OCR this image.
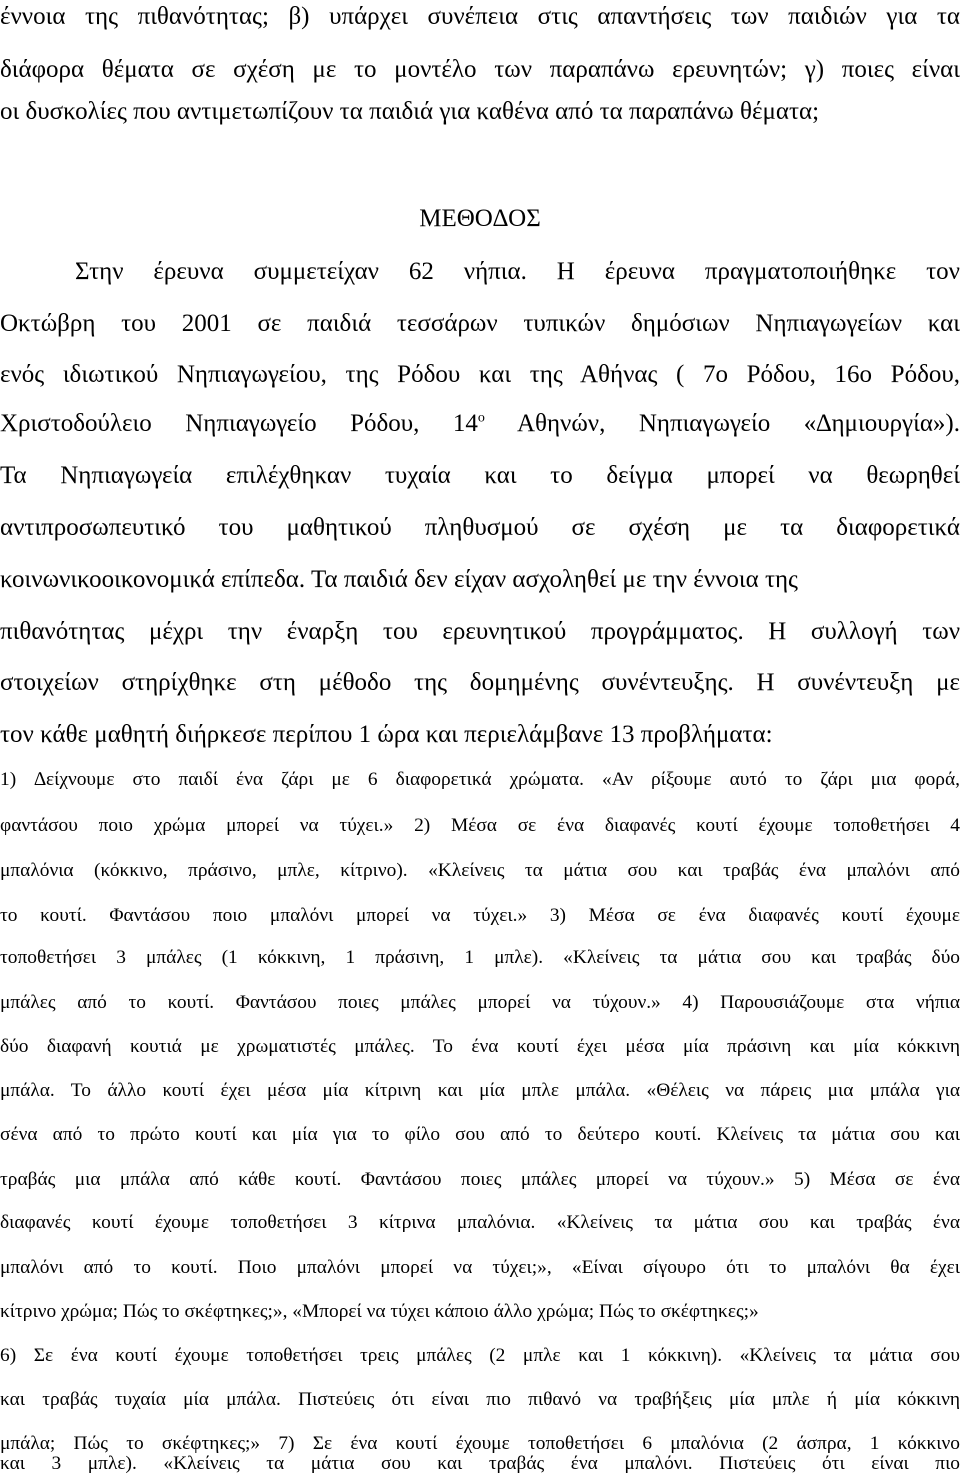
έννοια της πιθανότητας; β) υπάρχει συνέπεια στις απαντήσεις των παιδιών για τα

διάφορα θέματα σε σχέση με το μοντέλο των παραπάνω ερευνητών; γ) ποιες είναι

οι δυσκολίες που αντιμετωπίζουν τα παιδιά για καθένα από τα παραπάνω θέματα;

ΜΕΘΟ∆ΟΣ

Στην έρευνα συμμετείχαν 62 νήπια. Η έρευνα πραγματοποιήθηκε τον

Οκτώβρη του 2001 σε παιδιά τεσσάρων τυπικών δημόσιων Νηπιαγωγείων και

ενός ιδιωτικού Νηπιαγωγείου, της Ρόδου και της Αθήνας ( 7ο Ρόδου, 16ο Ρόδου,

Χριστοδούλειο Νηπιαγωγείο Ρόδου, $14^o$ Αθηνών, Νηπιαγωγείο «∆ημιουργία»).

Τα Νηπιαγωγεία επιλέχθηκαν τυχαία και το δείγμα μπορεί να θεωρηθεί

αντιπροσωπευτικό του μαθητικού πληθυσμού σε σχέση με τα διαφορετικά

κοινωνικοοικονομικά επίπεδα. Τα παιδιά δεν είχαν ασχοληθεί με την έννοια της

πιθανότητας μέχρι την έναρξη του ερευνητικού προγράμματος. Η συλλογή των

στοιχείων στηρίχθηκε στη μέθοδο της δομημένης συνέντευξης. Η συνέντευξη με

τον κάθε μαθητή διήρκεσε περίπου 1 ώρα και περιελάμβανε 13 προβλήματα:

1) ∆είχνουμε στο παιδί ένα ζάρι με 6 διαφορετικά χρώματα. «Αν ρίξουμε αυτό το ζάρι μια φορά,

φαντάσου ποιο χρώμα μπορεί να τύχει.» 2) Μέσα σε ένα διαφανές κουτί έχουμε τοποθετήσει 4

μπαλόνια (κόκκινο, πράσινο, μπλε, κίτρινο). «Κλείνεις τα μάτια σου και τραβάς ένα μπαλόνι από

το κουτί. Φαντάσου ποιο μπαλόνι μπορεί να τύχει.» 3) Μέσα σε ένα διαφανές κουτί έχουμε

τοποθετήσει 3 μπάλες (1 κόκκινη, 1 πράσινη, 1 μπλε). «Κλείνεις τα μάτια σου και τραβάς δύο

μπάλες από το κουτί. Φαντάσου ποιες μπάλες μπορεί να τύχουν.» 4) Παρουσιάζουμε στα νήπια

δύο διαφανή κουτιά με χρωματιστές μπάλες. Το ένα κουτί έχει μέσα μία πράσινη και μία κόκκινη

μπάλα. Το άλλο κουτί έχει μέσα μία κίτρινη και μία μπλε μπάλα. «Θέλεις να πάρεις μια μπάλα για

σένα από το πρώτο κουτί και μία για το φίλο σου από το δεύτερο κουτί. Κλείνεις τα μάτια σου και

τραβάς μια μπάλα από κάθε κουτί. Φαντάσου ποιες μπάλες μπορεί να τύχουν.» 5) Μέσα σε ένα

διαφανές κουτί έχουμε τοποθετήσει 3 κίτρινα μπαλόνια. «Κλείνεις τα μάτια σου και τραβάς ένα

μπαλόνι από το κουτί. Ποιο μπαλόνι μπορεί να τύχει;», «Είναι σίγουρο ότι το μπαλόνι θα έχει

κίτρινο χρώμα; Πώς το σκέφτηκες;», «Μπορεί να τύχει κάποιο άλλο χρώμα; Πώς το σκέφτηκες;»

6) Σε ένα κουτί έχουμε τοποθετήσει τρεις μπάλες (2 μπλε και 1 κόκκινη). «Κλείνεις τα μάτια σου

και τραβάς τυχαία μία μπάλα. Πιστεύεις ότι είναι πιο πιθανό να τραβήξεις μία μπλε ή μία κόκκινη

μπάλα; Πώς το σκέφτηκες;» 7) Σε ένα κουτί έχουμε τοποθετήσει 6 μπαλόνια (2 άσπρα, 1 κόκκινο

και 3 μπλε). «Κλείνεις τα μάτια σου και τραβάς ένα μπαλόνι. Πιστεύεις ότι είναι πιο
